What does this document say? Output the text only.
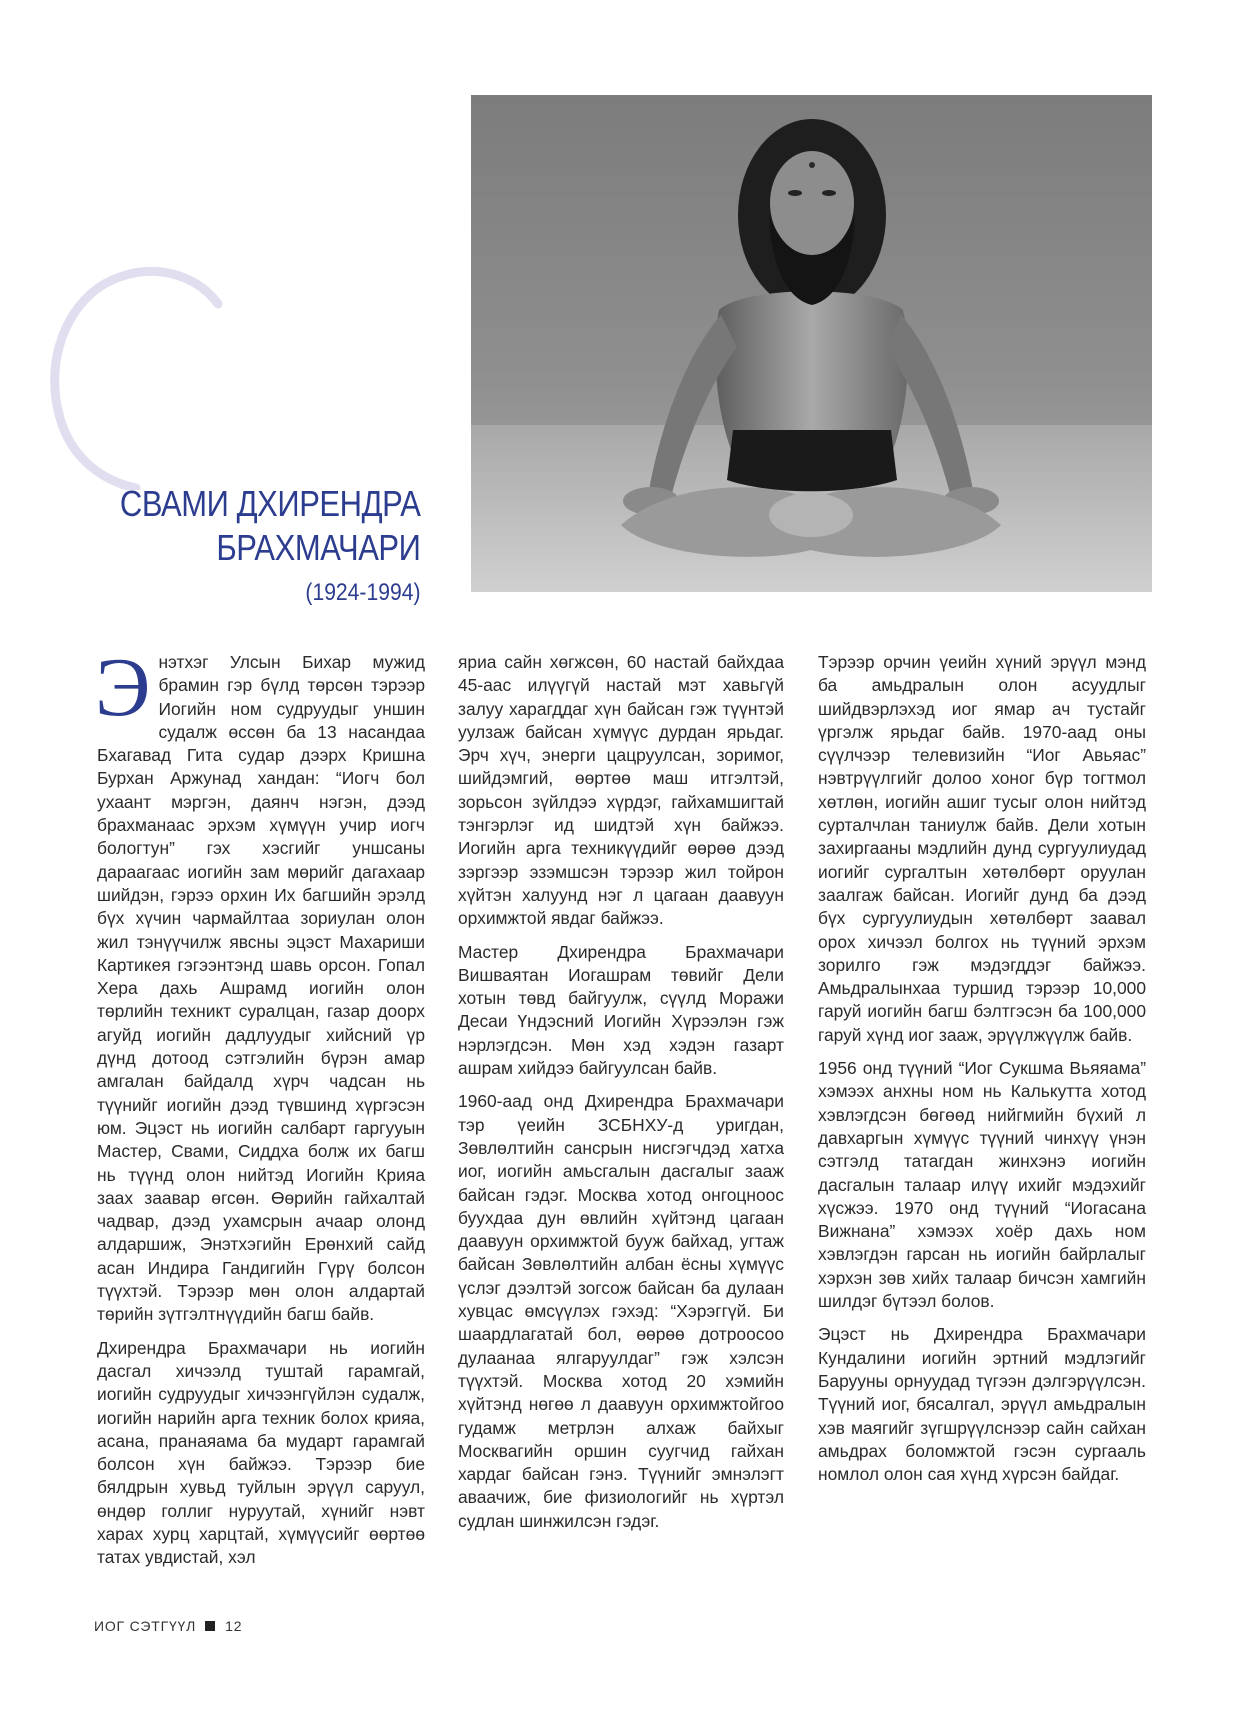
СВАМИ ДХИРЕНДРА
БРАХМАЧАРИ
(1924-1994)

Энэтхэг Улсын Бихар мужид брамин гэр бүлд төрсөн тэрээр Иогийн ном судруудыг уншин судалж өссөн ба 13 насандаа Бхагавад Гита судар дээрх Кришна Бурхан Аржунад хандан: “Иогч бол ухаант мэргэн, даянч нэгэн, дээд брахманаас эрхэм хүмүүн учир иогч бологтун” гэх хэсгийг уншсаны дараагаас иогийн зам мөрийг дагахаар шийдэн, гэрээ орхин Их багшийн эрэлд бүх хүчин чармайлтаа зориулан олон жил тэнүүчилж явсны эцэст Махариши Картикея гэгээнтэнд шавь орсон. Гопал Хера дахь Ашрамд иогийн олон төрлийн техникт суралцан, газар доорх агуйд иогийн дадлуудыг хийсний үр дүнд дотоод сэтгэлийн бүрэн амар амгалан байдалд хүрч чадсан нь түүнийг иогийн дээд түвшинд хүргэсэн юм. Эцэст нь иогийн салбарт гаргууын Мастер, Свами, Сиддха болж их багш нь түүнд олон нийтэд Иогийн Крияа заах заавар өгсөн. Өөрийн гайхалтай чадвар, дээд ухамсрын ачаар олонд алдаршиж, Энэтхэгийн Ерөнхий сайд асан Индира Гандигийн Гүрү болсон түүхтэй. Тэрээр мөн олон алдартай төрийн зүтгэлтнүүдийн багш байв.

Дхирендра Брахмачари нь иогийн дасгал хичээлд туштай гарамгай, иогийн судруудыг хичээнгүйлэн судалж, иогийн нарийн арга техник болох крияа, асана, пранаяама ба мударт гарамгай болсон хүн байжээ. Тэрээр бие бялдрын хувьд туйлын эрүүл саруул, өндөр голлиг нуруутай, хүнийг нэвт харах хурц харцтай, хүмүүсийг өөртөө татах увдистай, хэл

яриа сайн хөгжсөн, 60 настай байхдаа 45-аас илүүгүй настай мэт хавьгүй залуу харагддаг хүн байсан гэж түүнтэй уулзаж байсан хүмүүс дурдан ярьдаг. Эрч хүч, энерги цацруулсан, зоримог, шийдэмгий, өөртөө маш итгэлтэй, зорьсон зүйлдээ хүрдэг, гайхамшигтай тэнгэрлэг ид шидтэй хүн байжээ. Иогийн арга техникүүдийг өөрөө дээд зэргээр эзэмшсэн тэрээр жил тойрон хүйтэн халуунд нэг л цагаан даавуун орхимжтой явдаг байжээ.

Мастер Дхирендра Брахмачари Вишваятан Иогашрам төвийг Дели хотын төвд байгуулж, сүүлд Моражи Десаи Үндэсний Иогийн Хүрээлэн гэж нэрлэгдсэн. Мөн хэд хэдэн газарт ашрам хийдээ байгуулсан байв.

1960-аад онд Дхирендра Брахмачари тэр үеийн ЗСБНХУ-д уригдан, Зөвлөлтийн сансрын нисгэгчдэд хатха иог, иогийн амьсгалын дасгалыг зааж байсан гэдэг. Москва хотод онгоцноос буухдаа дун өвлийн хүйтэнд цагаан даавуун орхимжтой бууж байхад, угтаж байсан Зөвлөлтийн албан ёсны хүмүүс үслэг дээлтэй зогсож байсан ба дулаан хувцас өмсүүлэх гэхэд: “Хэрэггүй. Би шаардлагатай бол, өөрөө дотроосоо дулаанаа ялгаруулдаг” гэж хэлсэн түүхтэй. Москва хотод 20 хэмийн хүйтэнд нөгөө л даавуун орхимжтойгоо гудамж метрлэн алхаж байхыг Москвагийн оршин суугчид гайхан хардаг байсан гэнэ. Түүнийг эмнэлэгт аваачиж, бие физиологийг нь хүртэл судлан шинжилсэн гэдэг.

Тэрээр орчин үеийн хүний эрүүл мэнд ба амьдралын олон асуудлыг шийдвэрлэхэд иог ямар ач тустайг үргэлж ярьдаг байв. 1970-аад оны сүүлчээр телевизийн “Иог Авьяас” нэвтрүүлгийг долоо хоног бүр тогтмол хөтлөн, иогийн ашиг тусыг олон нийтэд сурталчлан таниулж байв. Дели хотын захиргааны мэдлийн дунд сургуулиудад иогийг сургалтын хөтөлбөрт оруулан заалгаж байсан. Иогийг дунд ба дээд бүх сургуулиудын хөтөлбөрт заавал орох хичээл болгох нь түүний эрхэм зорилго гэж мэдэгддэг байжээ. Амьдралынхаа туршид тэрээр 10,000 гаруй иогийн багш бэлтгэсэн ба 100,000 гаруй хүнд иог зааж, эрүүлжүүлж байв.

1956 онд түүний “Иог Сукшма Вьяяама” хэмээх анхны ном нь Калькутта хотод хэвлэгдсэн бөгөөд нийгмийн бүхий л давхаргын хүмүүс түүний чинхүү үнэн сэтгэлд татагдан жинхэнэ иогийн дасгалын талаар илүү ихийг мэдэхийг хүсжээ. 1970 онд түүний “Иогасана Вижнана” хэмээх хоёр дахь ном хэвлэгдэн гарсан нь иогийн байрлалыг хэрхэн зөв хийх талаар бичсэн хамгийн шилдэг бүтээл болов.

Эцэст нь Дхирендра Брахмачари Кундалини иогийн эртний мэдлэгийг Барууны орнуудад түгээн дэлгэрүүлсэн. Түүний иог, бясалгал, эрүүл амьдралын хэв маягийг зүгшрүүлснээр сайн сайхан амьдрах боломжтой гэсэн сургааль номлол олон сая хүнд хүрсэн байдаг.

ИОГ СЭТГҮҮЛ 12
